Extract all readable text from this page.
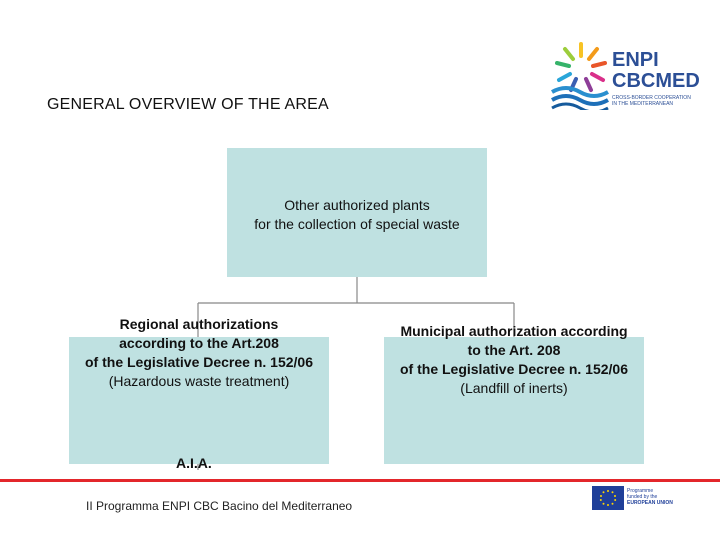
GENERAL OVERVIEW OF THE AREA
ENPI
CBCMED
CROSS-BORDER COOPERATION
IN THE MEDITERRANEAN
Other authorized plants
for the collection of special waste
Regional authorizations
according to the Art.208
of the Legislative Decree n. 152/06
(Hazardous waste treatment)
Municipal authorization according
to the Art. 208
of the Legislative Decree n. 152/06
(Landfill of inerts)
A.I.A.
II Programma ENPI CBC Bacino del Mediterraneo
Programme
funded by the
EUROPEAN UNION
